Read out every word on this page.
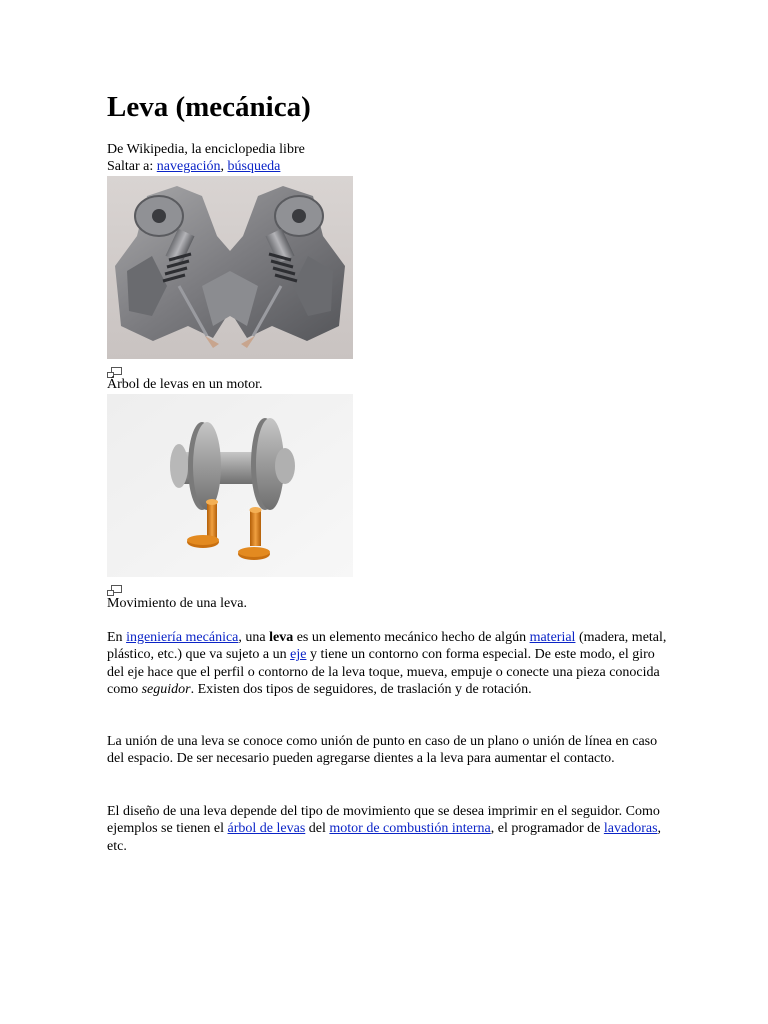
Leva (mecánica)
De Wikipedia, la enciclopedia libre
Saltar a: navegación, búsqueda
Árbol de levas en un motor.
Movimiento de una leva.

En ingeniería mecánica, una leva es un elemento mecánico hecho de algún material (madera, metal, plástico, etc.) que va sujeto a un eje y tiene un contorno con forma especial. De este modo, el giro del eje hace que el perfil o contorno de la leva toque, mueva, empuje o conecte una pieza conocida como seguidor. Existen dos tipos de seguidores, de traslación y de rotación.

La unión de una leva se conoce como unión de punto en caso de un plano o unión de línea en caso del espacio. De ser necesario pueden agregarse dientes a la leva para aumentar el contacto.

El diseño de una leva depende del tipo de movimiento que se desea imprimir en el seguidor. Como ejemplos se tienen el árbol de levas del motor de combustión interna, el programador de lavadoras, etc.
